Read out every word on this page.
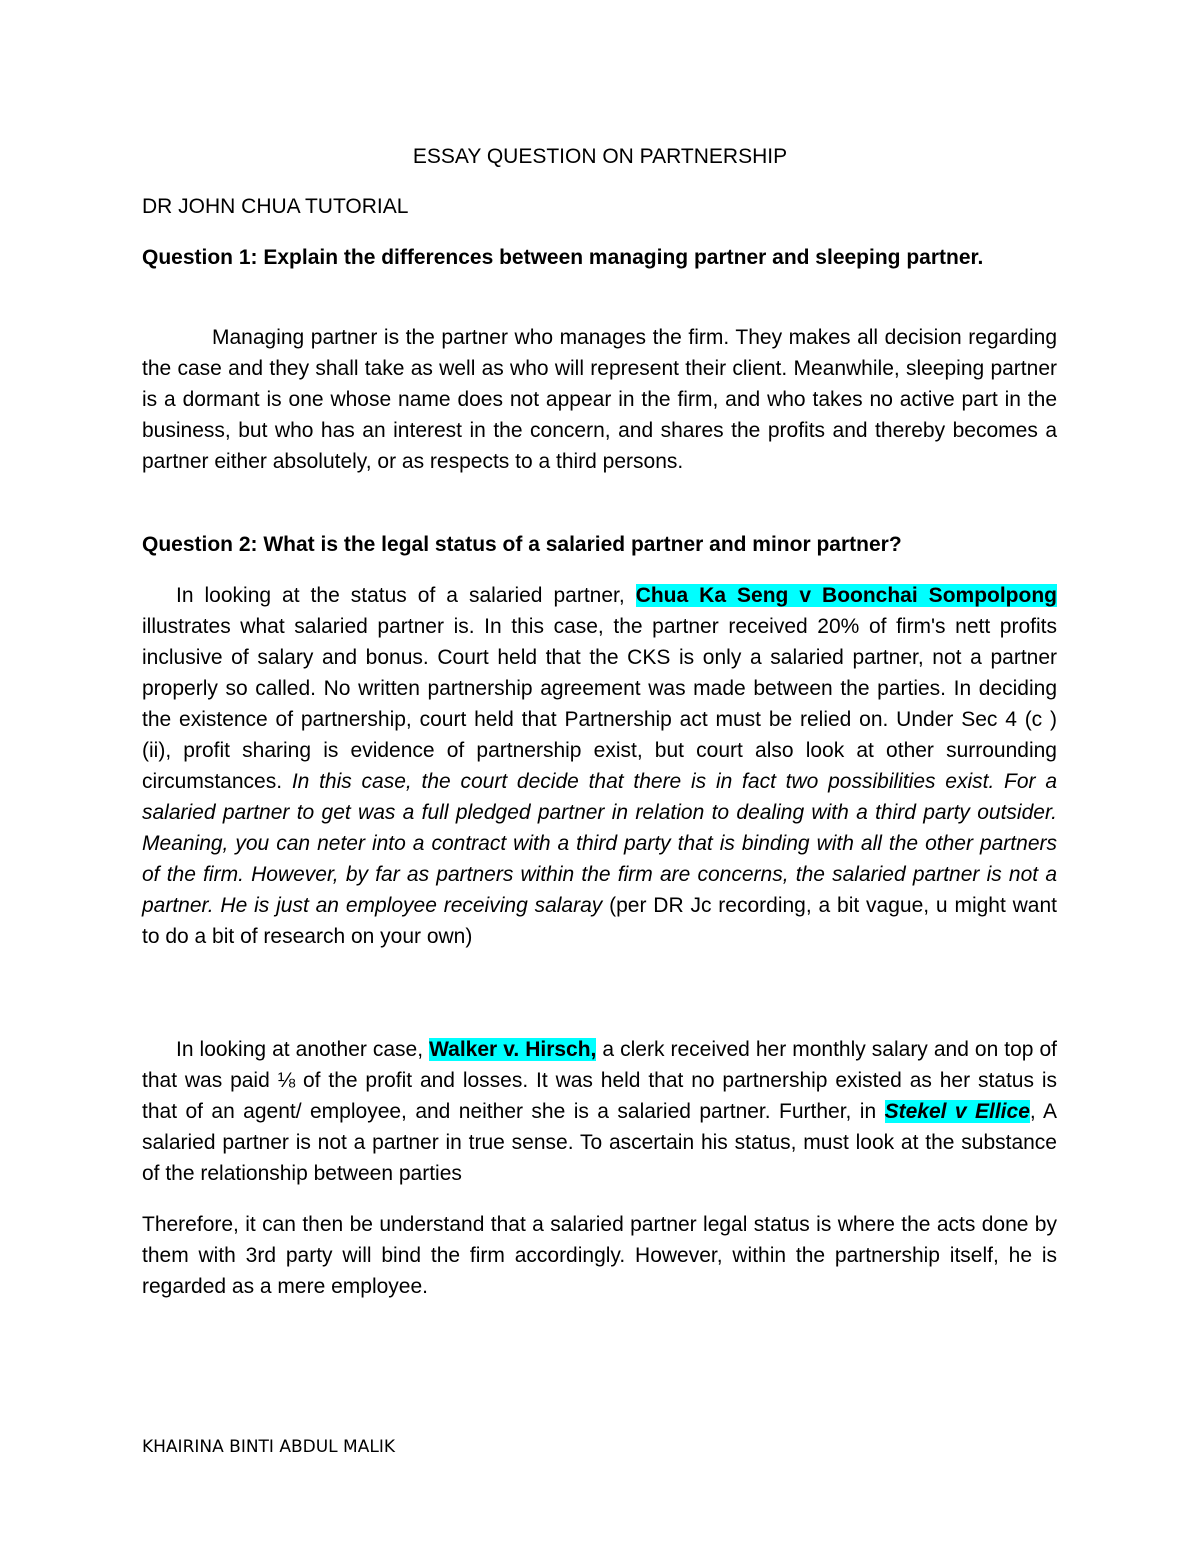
ESSAY QUESTION ON PARTNERSHIP

DR JOHN CHUA TUTORIAL

Question 1: Explain the differences between managing partner and sleeping partner.

Managing partner is the partner who manages the firm. They makes all decision regarding the case and they shall take as well as who will represent their client. Meanwhile, sleeping partner is a dormant is one whose name does not appear in the firm, and who takes no active part in the business, but who has an interest in the concern, and shares the profits and thereby becomes a partner either absolutely, or as respects to a third persons.

Question 2: What is the legal status of a salaried partner and minor partner?

In looking at the status of a salaried partner, Chua Ka Seng v Boonchai Sompolpong illustrates what salaried partner is. In this case, the partner received 20% of firm's nett profits inclusive of salary and bonus. Court held that the CKS is only a salaried partner, not a partner properly so called. No written partnership agreement was made between the parties. In deciding the existence of partnership, court held that Partnership act must be relied on. Under Sec 4 (c ) (ii), profit sharing is evidence of partnership exist, but court also look at other surrounding circumstances. In this case, the court decide that there is in fact two possibilities exist. For a salaried partner to get was a full pledged partner in relation to dealing with a third party outsider. Meaning, you can neter into a contract with a third party that is binding with all the other partners of the firm. However, by far as partners within the firm are concerns, the salaried partner is not a partner. He is just an employee receiving salaray (per DR Jc recording, a bit vague, u might want to do a bit of research on your own)

In looking at another case, Walker v. Hirsch, a clerk received her monthly salary and on top of that was paid ⅛ of the profit and losses. It was held that no partnership existed as her status is that of an agent/ employee, and neither she is a salaried partner. Further, in Stekel v Ellice, A salaried partner is not a partner in true sense. To ascertain his status, must look at the substance of the relationship between parties

Therefore, it can then be understand that a salaried partner legal status is where the acts done by them with 3rd party will bind the firm accordingly. However, within the partnership itself, he is regarded as a mere employee.

KHAIRINA BINTI ABDUL MALIK
